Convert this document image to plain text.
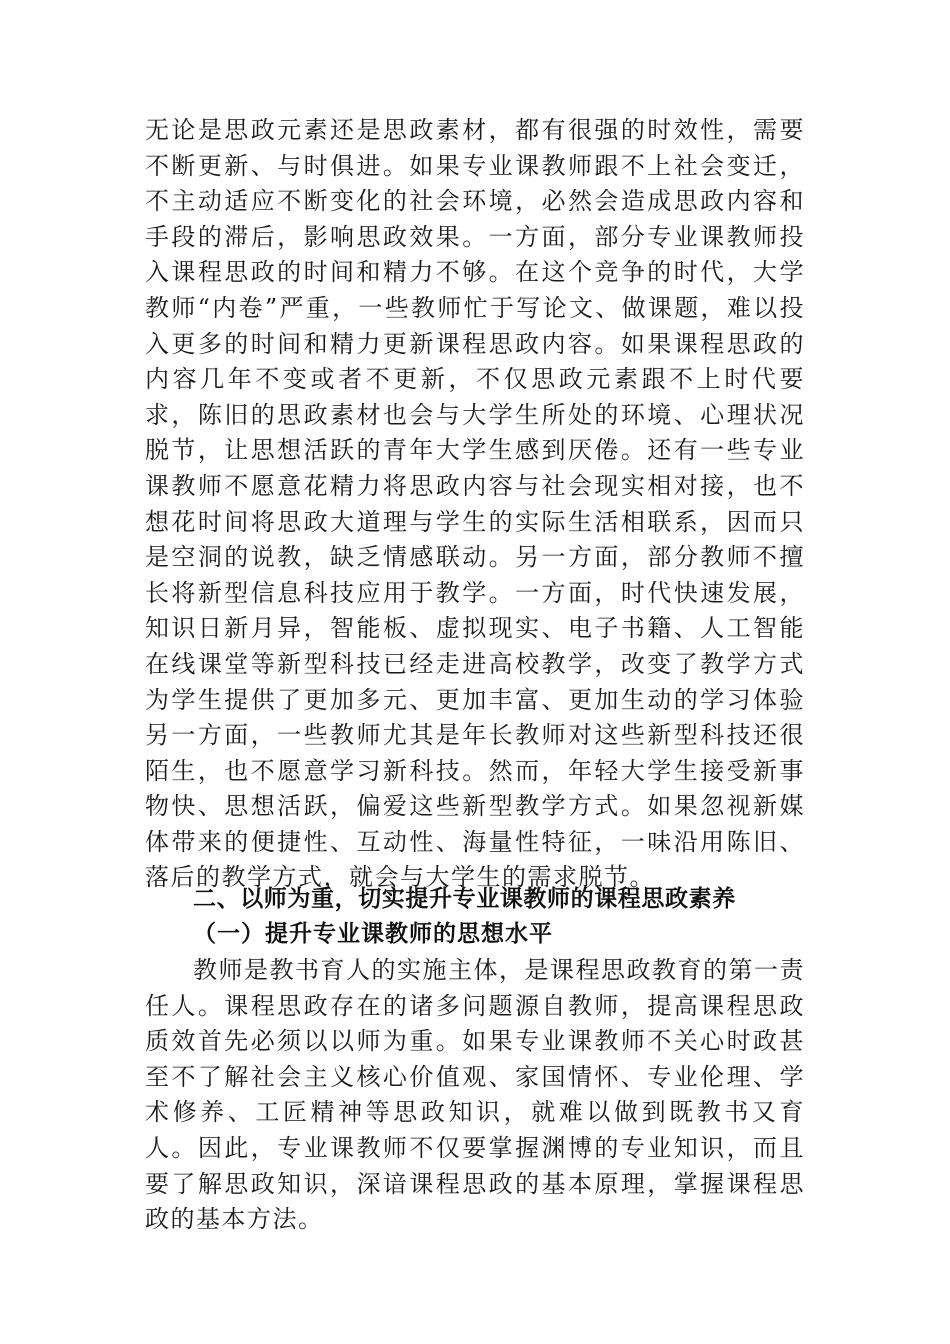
无论是思政元素还是思政素材，都有很强的时效性，需要不断更新、与时俱进。如果专业课教师跟不上社会变迁，不主动适应不断变化的社会环境，必然会造成思政内容和手段的滞后，影响思政效果。一方面，部分专业课教师投入课程思政的时间和精力不够。在这个竞争的时代，大学教师“内卷”严重，一些教师忙于写论文、做课题，难以投入更多的时间和精力更新课程思政内容。如果课程思政的内容几年不变或者不更新，不仅思政元素跟不上时代要求，陈旧的思政素材也会与大学生所处的环境、心理状况脱节，让思想活跃的青年大学生感到厌倦。还有一些专业课教师不愿意花精力将思政内容与社会现实相对接，也不想花时间将思政大道理与学生的实际生活相联系，因而只是空洞的说教，缺乏情感联动。另一方面，部分教师不擅长将新型信息科技应用于教学。一方面，时代快速发展，知识日新月异，智能板、虚拟现实、电子书籍、人工智能在线课堂等新型科技已经走进高校教学，改变了教学方式为学生提供了更加多元、更加丰富、更加生动的学习体验另一方面，一些教师尤其是年长教师对这些新型科技还很陌生，也不愿意学习新科技。然而，年轻大学生接受新事物快、思想活跃，偏爱这些新型教学方式。如果忽视新媒体带来的便捷性、互动性、海量性特征，一味沿用陈旧、落后的教学方式，就会与大学生的需求脱节。

二、以师为重，切实提升专业课教师的课程思政素养
（一）提升专业课教师的思想水平

教师是教书育人的实施主体，是课程思政教育的第一责任人。课程思政存在的诸多问题源自教师，提高课程思政质效首先必须以以师为重。如果专业课教师不关心时政甚至不了解社会主义核心价值观、家国情怀、专业伦理、学术修养、工匠精神等思政知识，就难以做到既教书又育人。因此，专业课教师不仅要掌握渊博的专业知识，而且要了解思政知识，深谙课程思政的基本原理，掌握课程思政的基本方法。
